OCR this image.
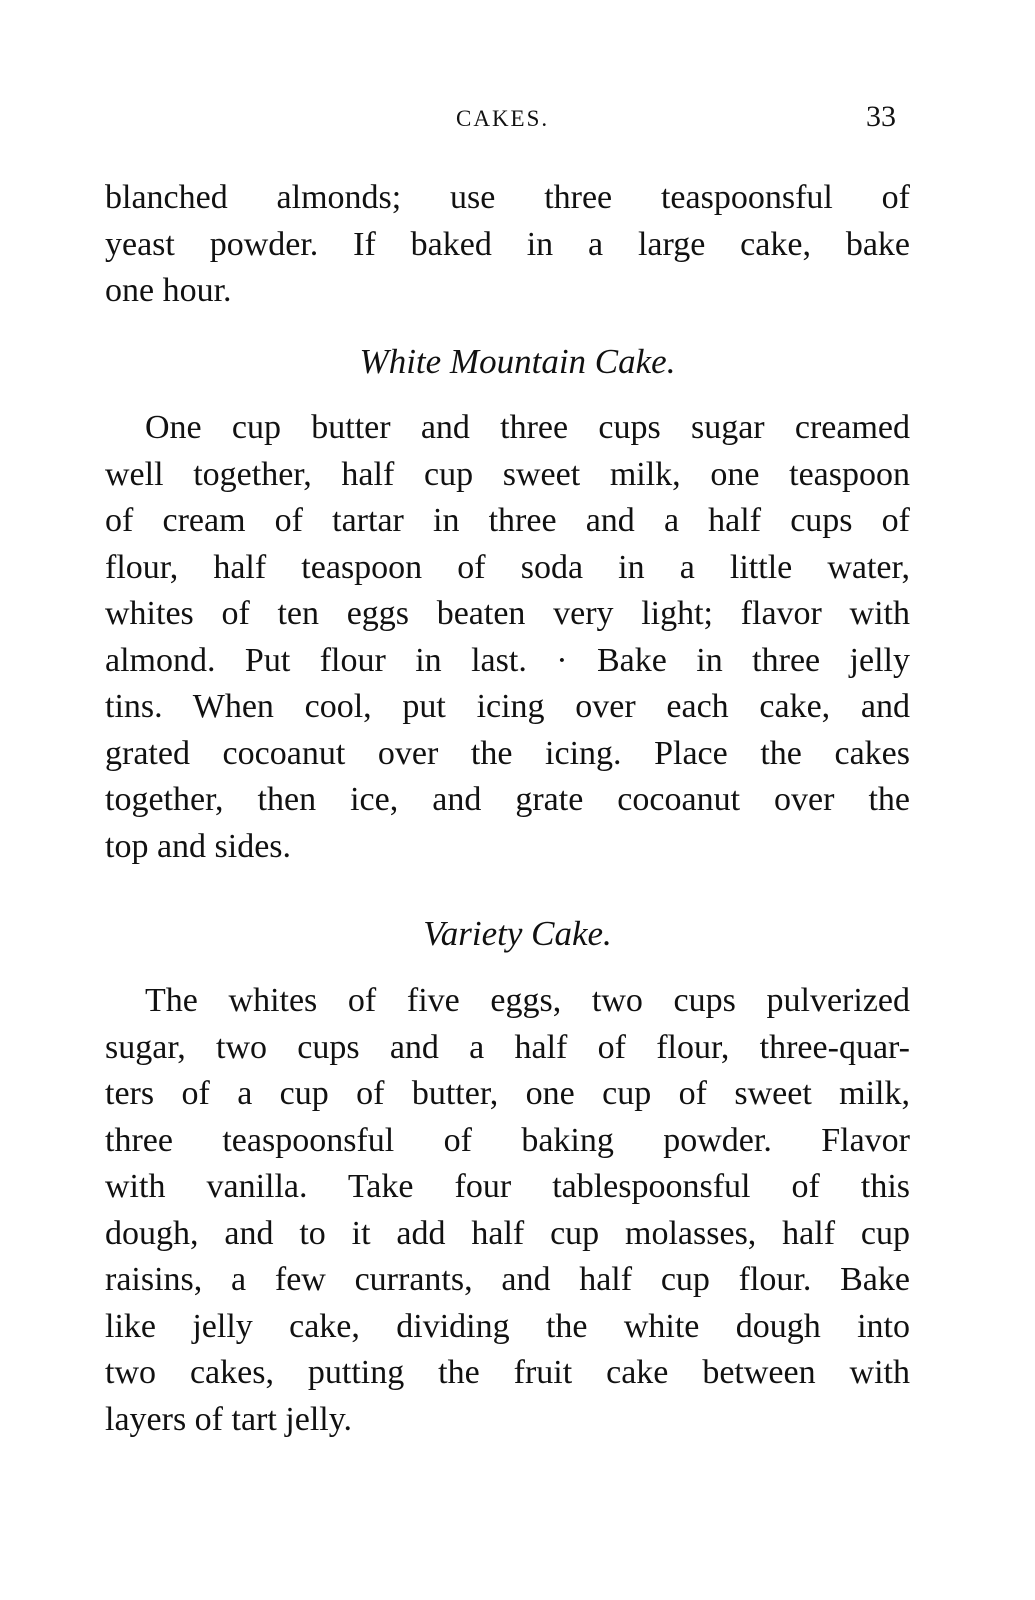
CAKES.	33
blanched almonds; use three teaspoonsful of
yeast powder. If baked in a large cake, bake
one hour.
White Mountain Cake.
One cup butter and three cups sugar creamed
well together, half cup sweet milk, one teaspoon
of cream of tartar in three and a half cups of
flour, half teaspoon of soda in a little water,
whites of ten eggs beaten very light; flavor with
almond. Put flour in last. · Bake in three jelly
tins. When cool, put icing over each cake, and
grated cocoanut over the icing. Place the cakes
together, then ice, and grate cocoanut over the
top and sides.
Variety Cake.
The whites of five eggs, two cups pulverized
sugar, two cups and a half of flour, three-quar-
ters of a cup of butter, one cup of sweet milk,
three teaspoonsful of baking powder. Flavor
with vanilla. Take four tablespoonsful of this
dough, and to it add half cup molasses, half cup
raisins, a few currants, and half cup flour. Bake
like jelly cake, dividing the white dough into
two cakes, putting the fruit cake between with
layers of tart jelly.
